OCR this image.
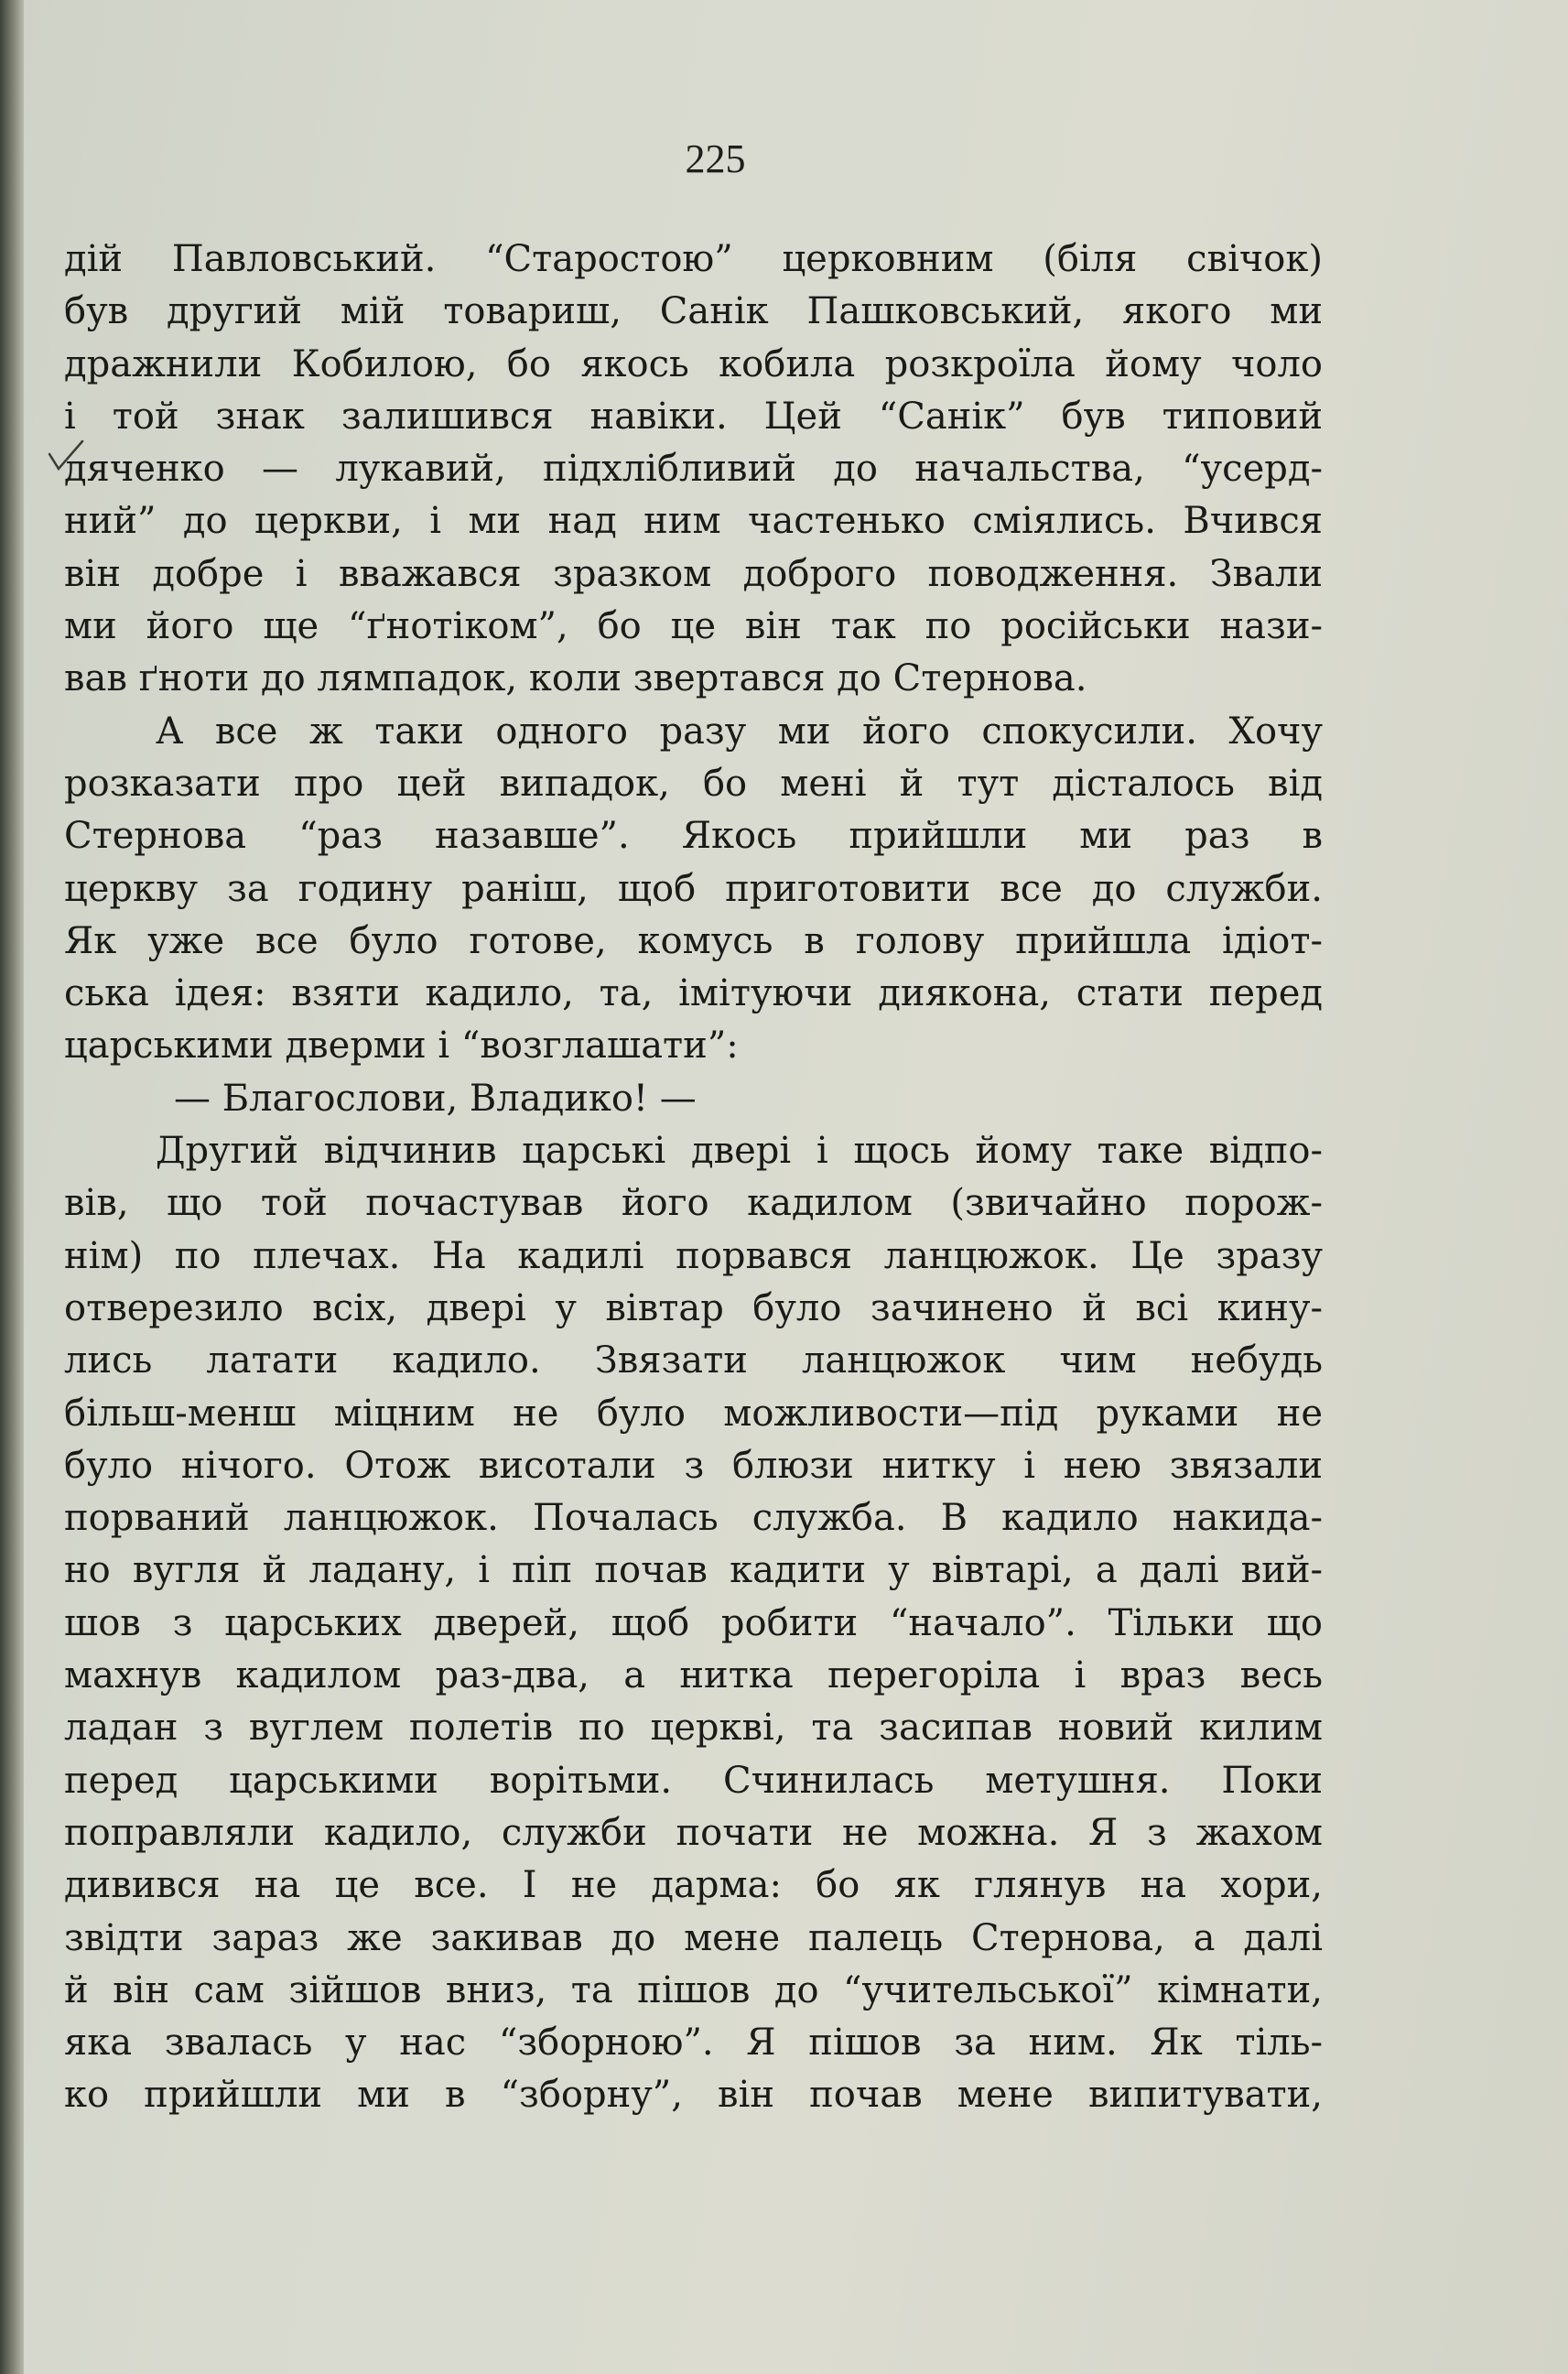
225
дій Павловський. “Старостою” церковним (біля свічок)
був другий мій товариш, Санік Пашковський, якого ми
дражнили Кобилою, бо якось кобила розкроїла йому чоло
і той знак залишився навіки. Цей “Санік” був типовий
дяченко — лукавий, підхлібливий до начальства, “усерд-
ний” до церкви, і ми над ним частенько сміялись. Вчився
він добре і вважався зразком доброго поводження. Звали
ми його ще “ґнотіком”, бо це він так по російськи нази-
вав ґноти до лямпадок, коли звертався до Стернова.
А все ж таки одного разу ми його спокусили. Хочу
розказати про цей випадок, бо мені й тут дісталось від
Стернова “раз назавше”. Якось прийшли ми раз в
церкву за годину раніш, щоб приготовити все до служби.
Як уже все було готове, комусь в голову прийшла ідіот-
ська ідея: взяти кадило, та, імітуючи диякона, стати перед
царськими дверми і “возглашати”:
— Благослови, Владико! —
Другий відчинив царські двері і щось йому таке відпо-
вів, що той почастував його кадилом (звичайно порож-
нім) по плечах. На кадилі порвався ланцюжок. Це зразу
отверезило всіх, двері у вівтар було зачинено й всі кину-
лись латати кадило. Звязати ланцюжок чим небудь
більш-менш міцним не було можливости—під руками не
було нічого. Отож висотали з блюзи нитку і нею звязали
порваний ланцюжок. Почалась служба. В кадило накида-
но вугля й ладану, і піп почав кадити у вівтарі, а далі вий-
шов з царських дверей, щоб робити “начало”. Тільки що
махнув кадилом раз-два, а нитка перегоріла і враз весь
ладан з вуглем полетів по церкві, та засипав новий килим
перед царськими ворітьми. Счинилась метушня. Поки
поправляли кадило, служби почати не можна. Я з жахом
дивився на це все. І не дарма: бо як глянув на хори,
звідти зараз же закивав до мене палець Стернова, а далі
й він сам зійшов вниз, та пішов до “учительської” кімнати,
яка звалась у нас “зборною”. Я пішов за ним. Як тіль-
ко прийшли ми в “зборну”, він почав мене випитувати,
